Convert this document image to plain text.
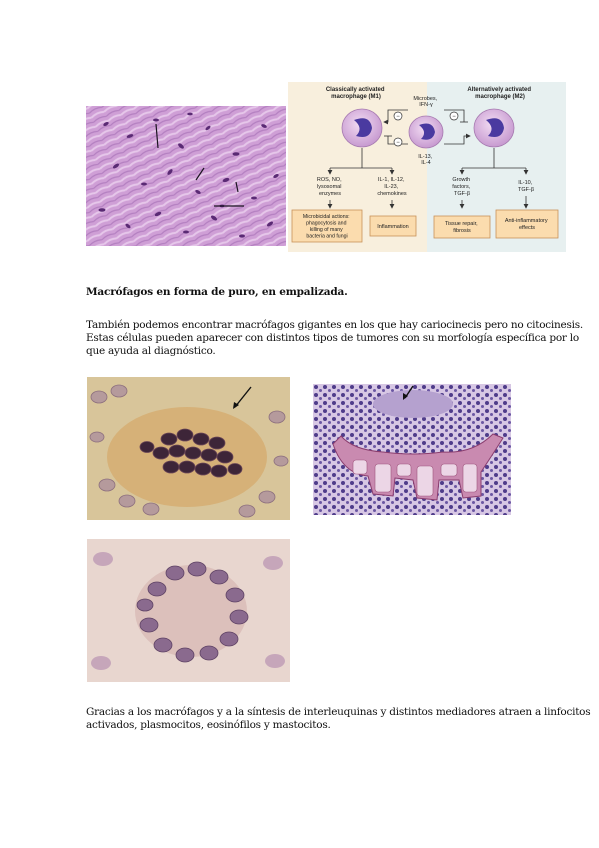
Classically activated macrophage (M1)
Alternatively activated macrophage (M2)
Microbes, IFN-γ
IL-13, IL-4
−
−
−
ROS, NO, lysosomal enzymes
IL-1, IL-12, IL-23, chemokines
Growth factors, TGF-β
IL-10, TGF-β
Microbicidal actions: phagocytosis and killing of many bacteria and fungi
Inflammation	Tissue repair, fibrosis
Anti-inflammatory effects
Macrófagos en forma de puro, en empalizada.
También podemos encontrar macrófagos gigantes en los que hay cariocinecis pero no citocinesis.
Estas células pueden aparecer con distintos tipos de tumores con su morfología específica por lo
que ayuda al diagnóstico.
Gracias a los macrófagos y a la síntesis de interleuquinas y distintos mediadores atraen a linfocitos
activados, plasmocitos, eosinófilos y mastocitos.
